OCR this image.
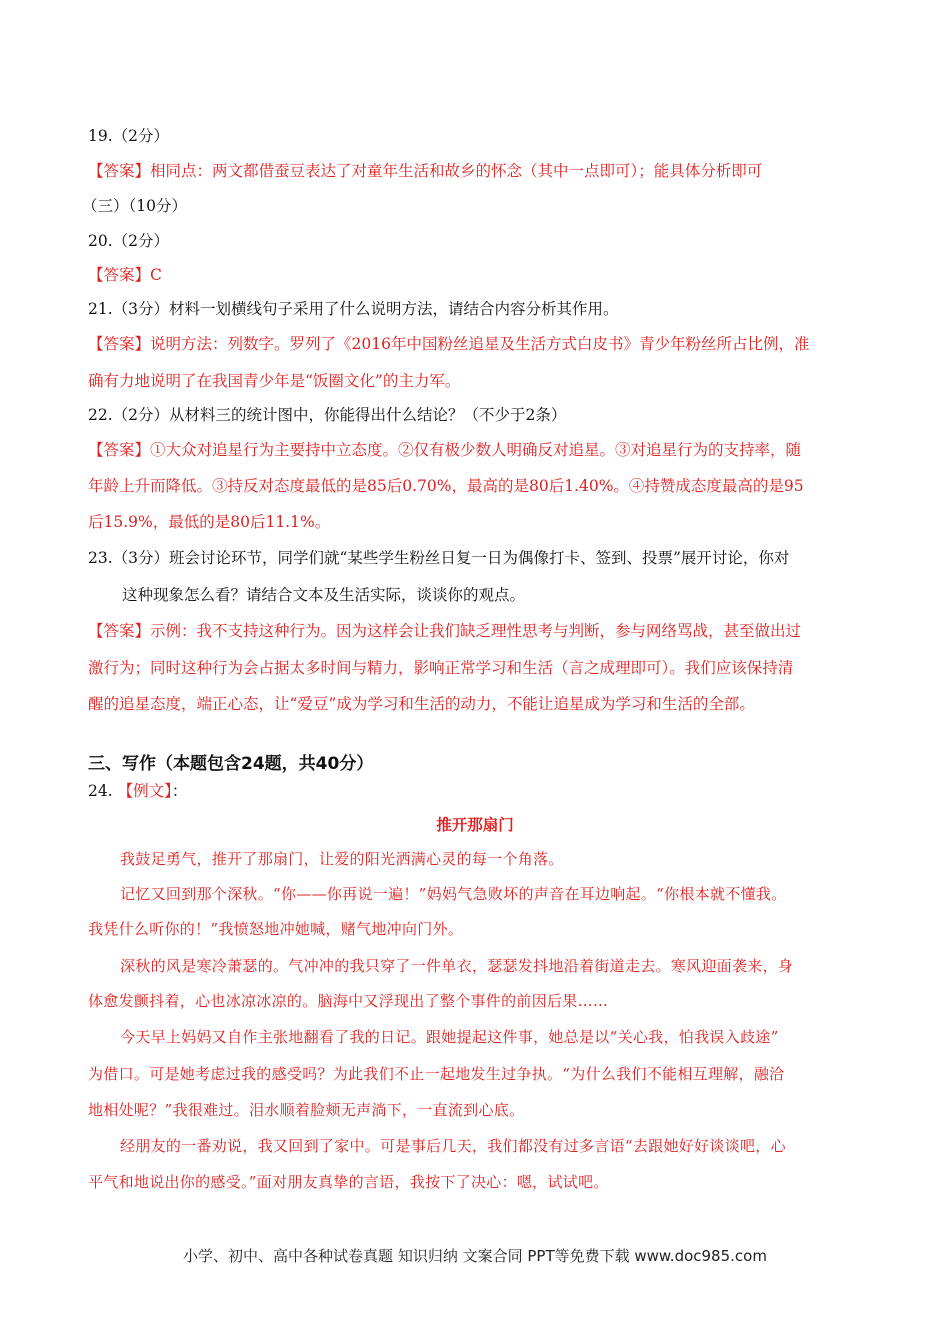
19.（2分）
【答案】相同点：两文都借蚕豆表达了对童年生活和故乡的怀念（其中一点即可）；能具体分析即可
（三）（10分）
20.（2分）
【答案】C
21.（3分）材料一划横线句子采用了什么说明方法，请结合内容分析其作用。
【答案】说明方法：列数字。罗列了《2016年中国粉丝追星及生活方式白皮书》青少年粉丝所占比例，准
确有力地说明了在我国青少年是“饭圈文化”的主力军。
22.（2分）从材料三的统计图中，你能得出什么结论？（不少于2条）
【答案】①大众对追星行为主要持中立态度。②仅有极少数人明确反对追星。③对追星行为的支持率，随
年龄上升而降低。③持反对态度最低的是85后0.70%，最高的是80后1.40%。④持赞成态度最高的是95
后15.9%，最低的是80后11.1%。
23.（3分）班会讨论环节，同学们就“某些学生粉丝日复一日为偶像打卡、签到、投票”展开讨论，你对
这种现象怎么看？请结合文本及生活实际，谈谈你的观点。
【答案】示例：我不支持这种行为。因为这样会让我们缺乏理性思考与判断，参与网络骂战，甚至做出过
激行为；同时这种行为会占据太多时间与精力，影响正常学习和生活（言之成理即可）。我们应该保持清
醒的追星态度，端正心态，让“爱豆”成为学习和生活的动力，不能让追星成为学习和生活的全部。
三、写作（本题包含24题，共40分）
24. 【例文】：
推开那扇门
我鼓足勇气，推开了那扇门，让爱的阳光洒满心灵的每一个角落。
记忆又回到那个深秋。“你——你再说一遍！”妈妈气急败坏的声音在耳边响起。“你根本就不懂我。
我凭什么听你的！”我愤怒地冲她喊，赌气地冲向门外。
深秋的风是寒冷萧瑟的。气冲冲的我只穿了一件单衣，瑟瑟发抖地沿着街道走去。寒风迎面袭来，身
体愈发颤抖着，心也冰凉冰凉的。脑海中又浮现出了整个事件的前因后果……
今天早上妈妈又自作主张地翻看了我的日记。跟她提起这件事，她总是以“关心我，怕我误入歧途”
为借口。可是她考虑过我的感受吗？为此我们不止一起地发生过争执。“为什么我们不能相互理解，融洽
地相处呢？”我很难过。泪水顺着脸颊无声淌下，一直流到心底。
经朋友的一番劝说，我又回到了家中。可是事后几天，我们都没有过多言语“去跟她好好谈谈吧，心
平气和地说出你的感受。”面对朋友真挚的言语，我按下了决心：嗯，试试吧。
小学、初中、高中各种试卷真题 知识归纳 文案合同 PPT等免费下载 www.doc985.com
